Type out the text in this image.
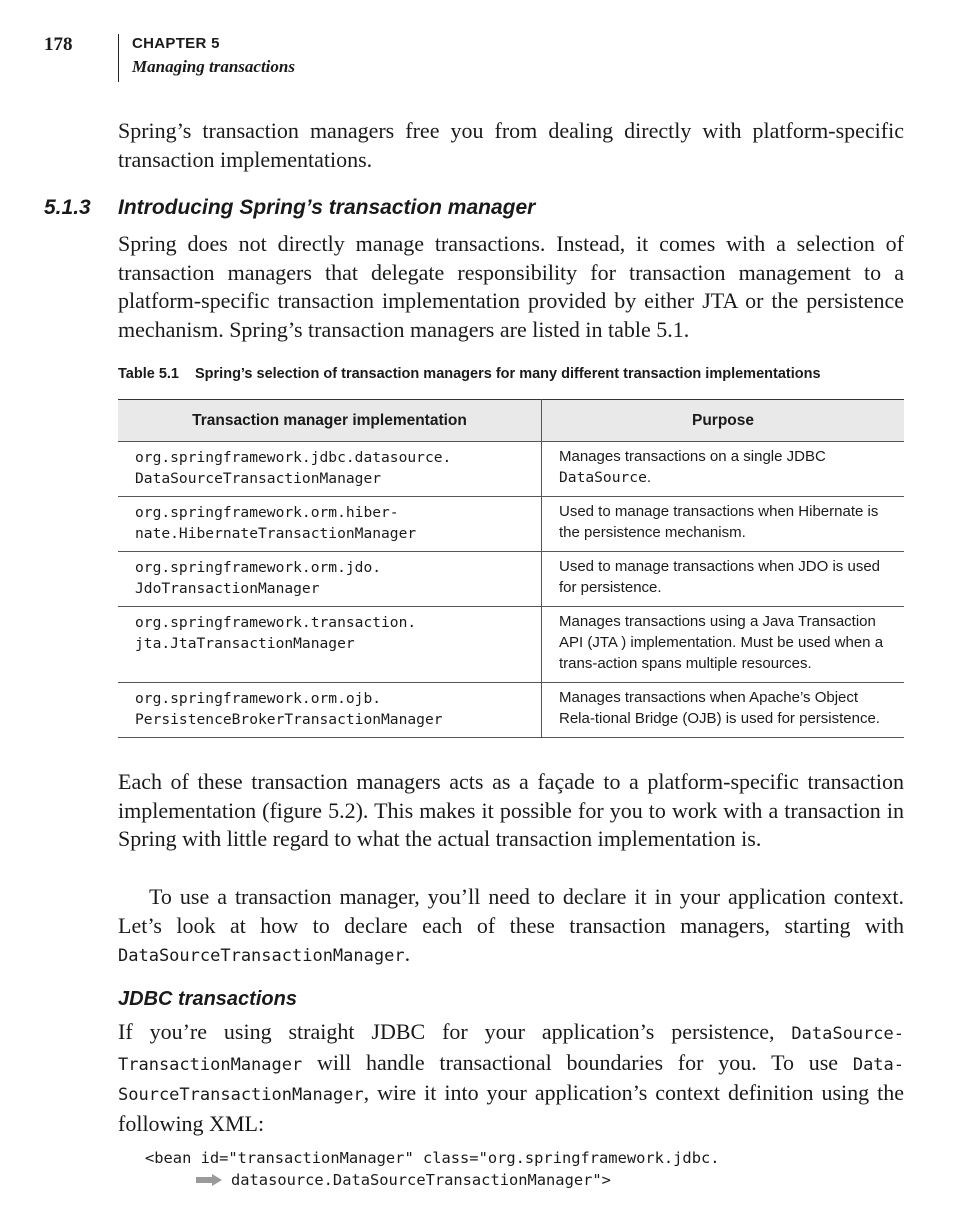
178	CHAPTER 5
Managing transactions

Spring’s transaction managers free you from dealing directly with platform-specific transaction implementations.

5.1.3 Introducing Spring’s transaction manager

Spring does not directly manage transactions. Instead, it comes with a selection of transaction managers that delegate responsibility for transaction management to a platform-specific transaction implementation provided by either JTA or the persistence mechanism. Spring’s transaction managers are listed in table 5.1.

Table 5.1 Spring’s selection of transaction managers for many different transaction implementations
Transaction manager implementation	Purpose

org.springframework.jdbc.datasource.
DataSourceTransactionManager	Manages transactions on a single JDBC
DataSource.

org.springframework.orm.hiber-
nate.HibernateTransactionManager	Used to manage transactions when Hibernate is the persistence mechanism.

org.springframework.orm.jdo.
JdoTransactionManager	Used to manage transactions when JDO is used for persistence.

org.springframework.transaction.
jta.JtaTransactionManager	Manages transactions using a Java Transaction API (JTA ) implementation. Must be used when a trans-action spans multiple resources.

org.springframework.orm.ojb.
PersistenceBrokerTransactionManager	Manages transactions when Apache’s Object Rela-tional Bridge (OJB) is used for persistence.

Each of these transaction managers acts as a façade to a platform-specific transaction implementation (figure 5.2). This makes it possible for you to work with a transaction in Spring with little regard to what the actual transaction implementation is.

To use a transaction manager, you’ll need to declare it in your application context. Let’s look at how to declare each of these transaction managers, starting with DataSourceTransactionManager.

JDBC transactions

If you’re using straight JDBC for your application’s persistence, DataSource-TransactionManager will handle transactional boundaries for you. To use Data-SourceTransactionManager, wire it into your application’s context definition using the following XML:

<bean id="transactionManager" class="org.springframework.jdbc.

datasource.DataSourceTransactionManager">
